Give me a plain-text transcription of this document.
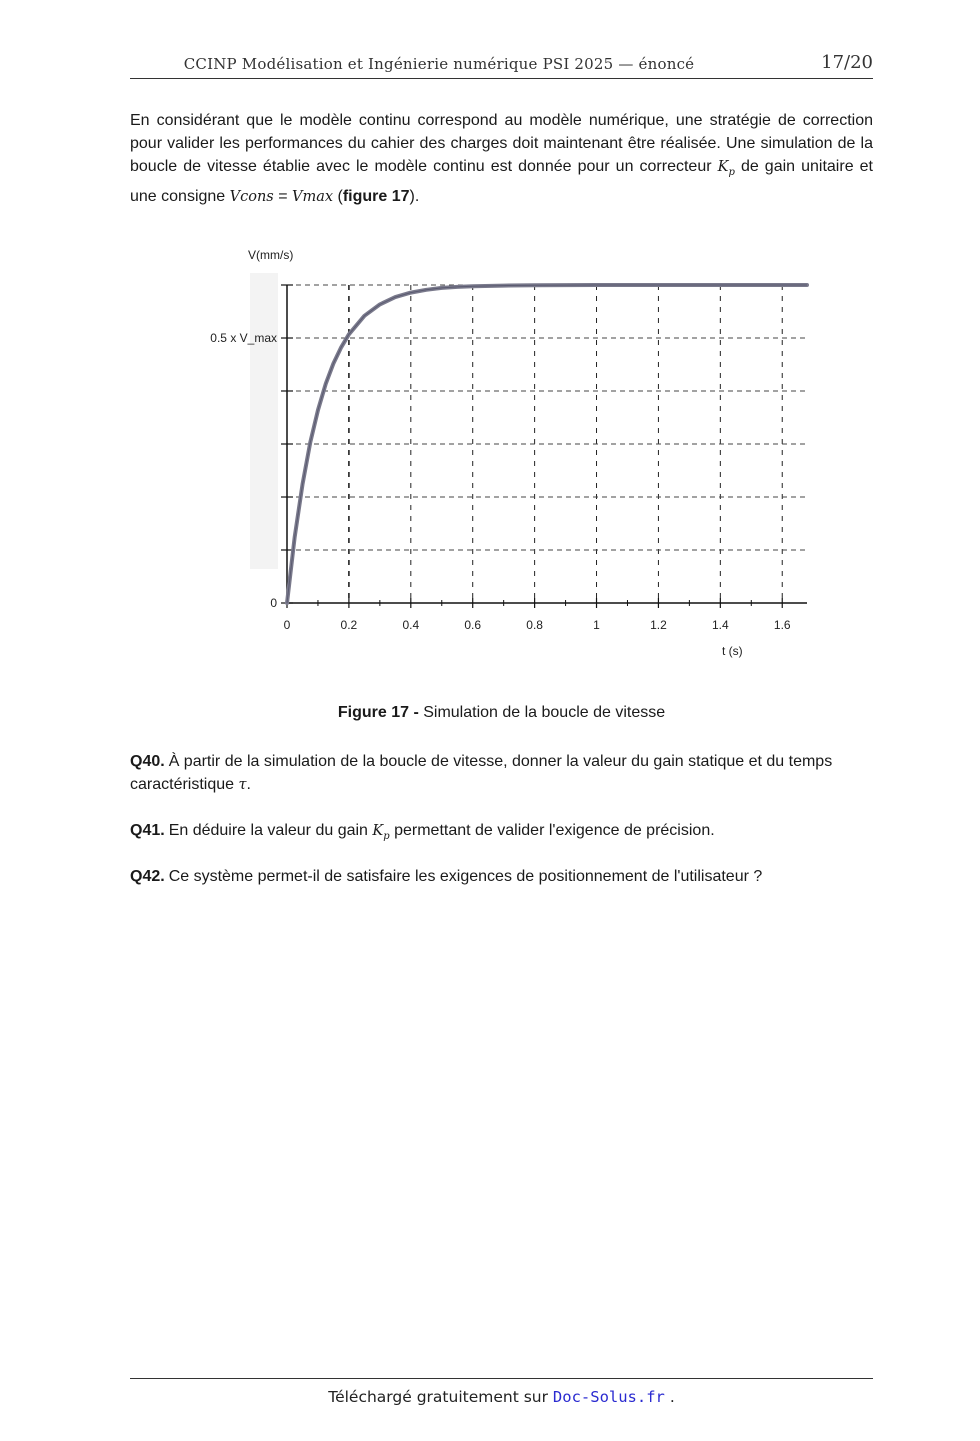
CCINP Modélisation et Ingénierie numérique PSI 2025 — énoncé	17/20
En considérant que le modèle continu correspond au modèle numérique, une stratégie de correction pour valider les performances du cahier des charges doit maintenant être réalisée. Une simulation de la boucle de vitesse établie avec le modèle continu est donnée pour un correcteur $K_p$ de gain unitaire et une consigne Vcons = Vmax (figure 17).
0	0.2	0.4	0.6	0.8	1	1.2	1.4	1.6
0
0.5 x V_max
V(mm/s)
t (s)
Figure 17 - Simulation de la boucle de vitesse
Q40. À partir de la simulation de la boucle de vitesse, donner la valeur du gain statique et du temps caractéristique τ.
Q41. En déduire la valeur du gain $K_p$ permettant de valider l'exigence de précision.
Q42. Ce système permet-il de satisfaire les exigences de positionnement de l'utilisateur ?
Téléchargé gratuitement sur Doc-Solus.fr .
